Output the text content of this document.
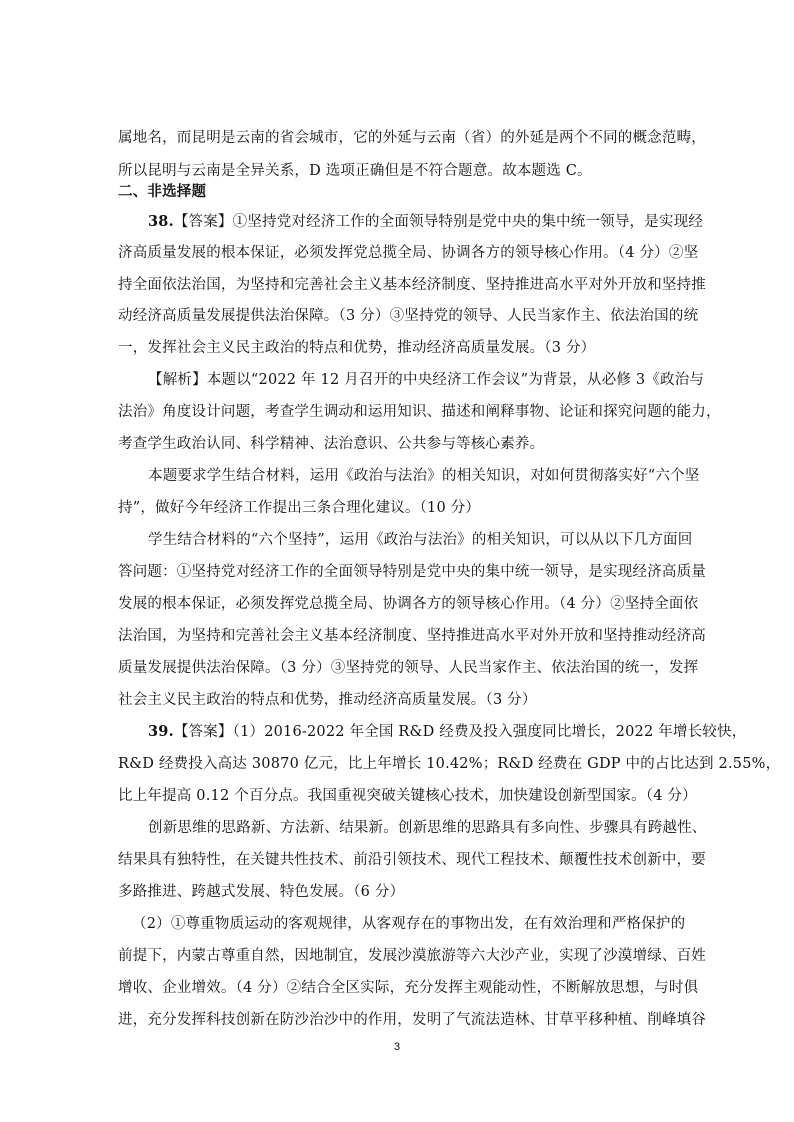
属地名，而昆明是云南的省会城市，它的外延与云南（省）的外延是两个不同的概念范畴，
所以昆明与云南是全异关系，D 选项正确但是不符合题意。故本题选 C。
二、非选择题
38.【答案】①坚持党对经济工作的全面领导特别是党中央的集中统一领导，是实现经
济高质量发展的根本保证，必须发挥党总揽全局、协调各方的领导核心作用。（4 分）②坚
持全面依法治国，为坚持和完善社会主义基本经济制度、坚持推进高水平对外开放和坚持推
动经济高质量发展提供法治保障。（3 分）③坚持党的领导、人民当家作主、依法治国的统
一，发挥社会主义民主政治的特点和优势，推动经济高质量发展。（3 分）
【解析】本题以“2022 年 12 月召开的中央经济工作会议”为背景，从必修 3《政治与
法治》角度设计问题，考查学生调动和运用知识、描述和阐释事物、论证和探究问题的能力，
考查学生政治认同、科学精神、法治意识、公共参与等核心素养。
本题要求学生结合材料，运用《政治与法治》的相关知识，对如何贯彻落实好“六个坚
持”，做好今年经济工作提出三条合理化建议。（10 分）
学生结合材料的“六个坚持”，运用《政治与法治》的相关知识，可以从以下几方面回
答问题：①坚持党对经济工作的全面领导特别是党中央的集中统一领导，是实现经济高质量
发展的根本保证，必须发挥党总揽全局、协调各方的领导核心作用。（4 分）②坚持全面依
法治国，为坚持和完善社会主义基本经济制度、坚持推进高水平对外开放和坚持推动经济高
质量发展提供法治保障。（3 分）③坚持党的领导、人民当家作主、依法治国的统一，发挥
社会主义民主政治的特点和优势，推动经济高质量发展。（3 分）
39.【答案】（1）2016-2022 年全国 R&D 经费及投入强度同比增长，2022 年增长较快，
R&D 经费投入高达 30870 亿元，比上年增长 10.42%；R&D 经费在 GDP 中的占比达到 2.55%，
比上年提高 0.12 个百分点。我国重视突破关键核心技术，加快建设创新型国家。（4 分）
创新思维的思路新、方法新、结果新。创新思维的思路具有多向性、步骤具有跨越性、
结果具有独特性，在关键共性技术、前沿引领技术、现代工程技术、颠覆性技术创新中，要
多路推进、跨越式发展、特色发展。（6 分）
（2）①尊重物质运动的客观规律，从客观存在的事物出发，在有效治理和严格保护的
前提下，内蒙古尊重自然，因地制宜，发展沙漠旅游等六大沙产业，实现了沙漠增绿、百姓
增收、企业增效。（4 分）②结合全区实际，充分发挥主观能动性，不断解放思想，与时俱
3
进，充分发挥科技创新在防沙治沙中的作用，发明了气流法造林、甘草平移种植、削峰填谷
